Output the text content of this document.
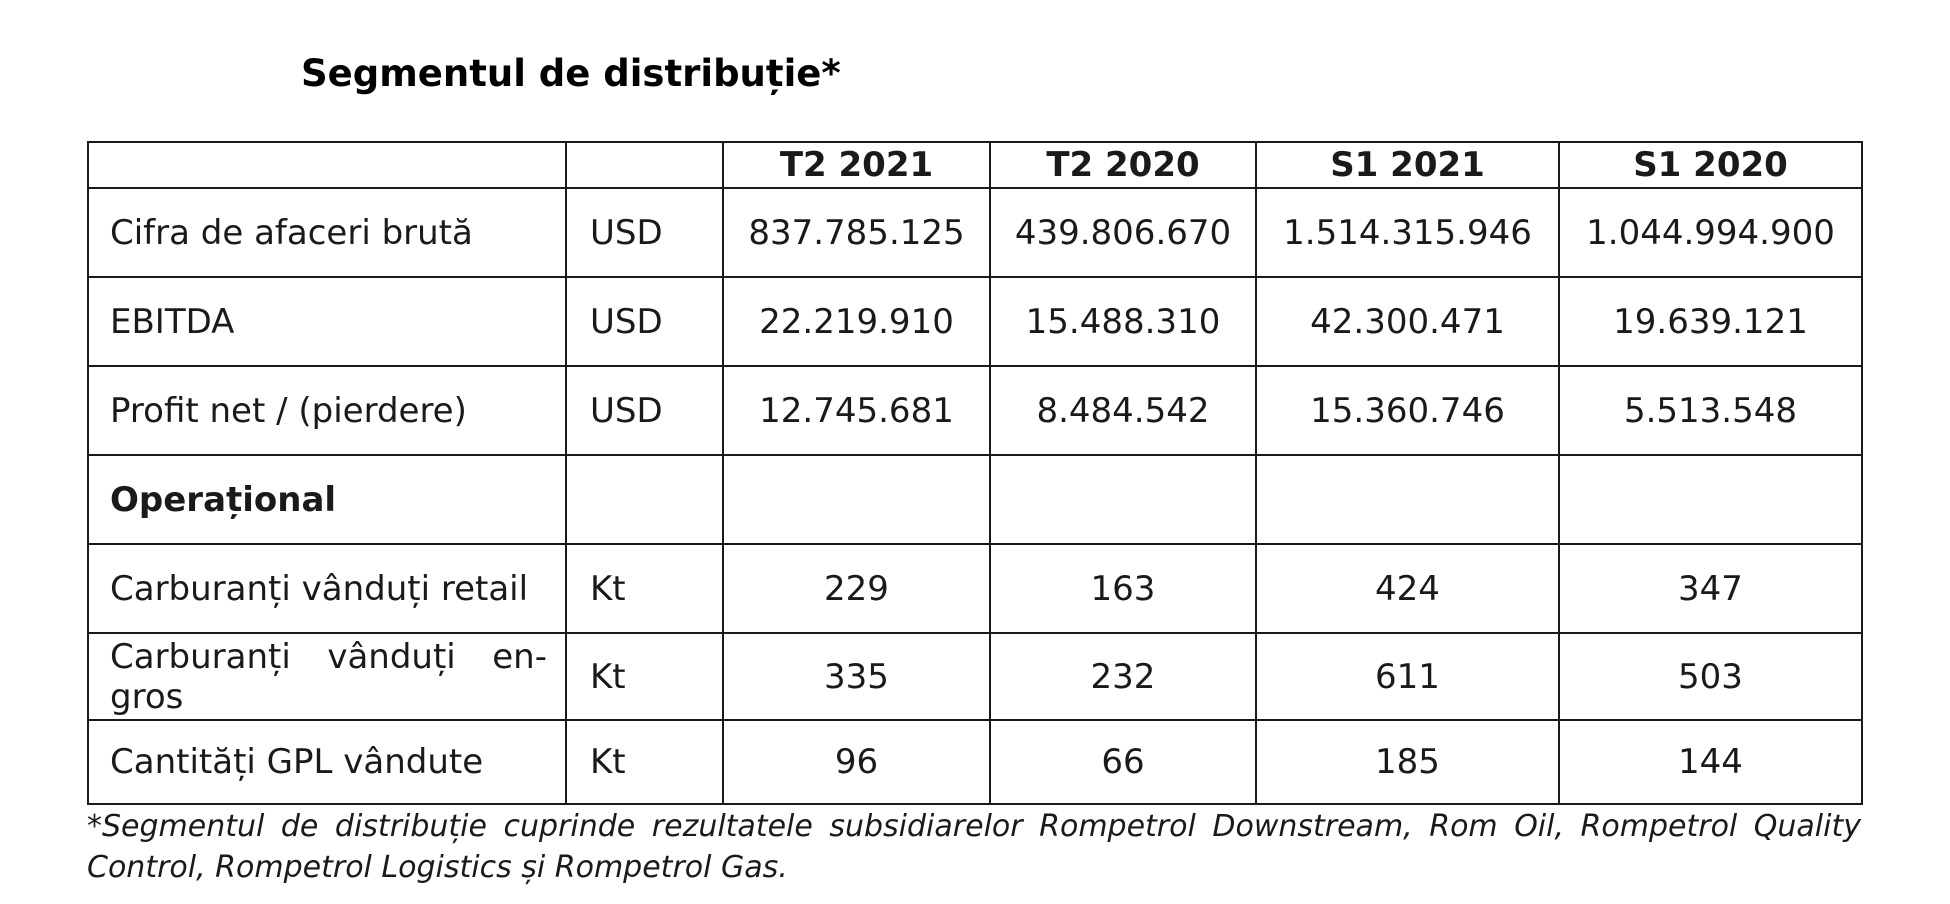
Segmentul de distribuție*
		T2 2021	T2 2020	S1 2021	S1 2020
Cifra de afaceri brută	USD	837.785.125	439.806.670	1.514.315.946	1.044.994.900
EBITDA	USD	22.219.910	15.488.310	42.300.471	19.639.121
Profit net / (pierdere)	USD	12.745.681	8.484.542	15.360.746	5.513.548
Operațional					
Carburanți vânduți retail	Kt	229	163	424	347

Carburanți vânduți en-gros	Kt	335	232	611	503
Cantități GPL vândute	Kt	96	66	185	144
*Segmentul de distribuție cuprinde rezultatele subsidiarelor Rompetrol Downstream, Rom Oil, Rompetrol Quality Control, Rompetrol Logistics și Rompetrol Gas.
